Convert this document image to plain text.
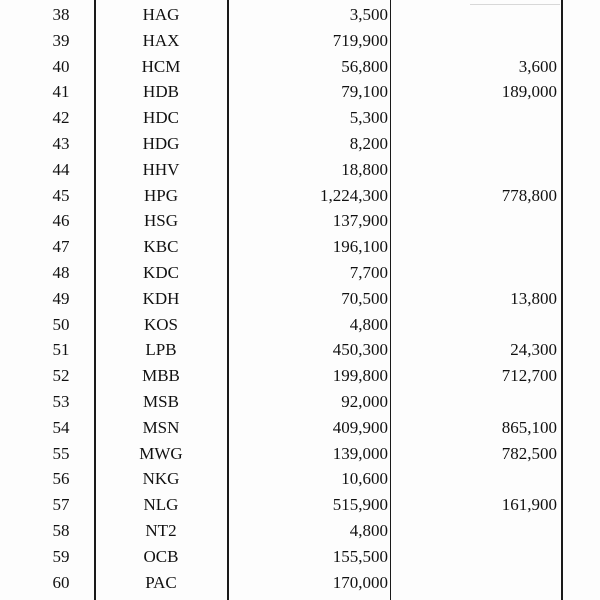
38	HAG	3,500
39	HAX	719,900
40	HCM	56,800	3,600
41	HDB	79,100	189,000
42	HDC	5,300
43	HDG	8,200
44	HHV	18,800
45	HPG	1,224,300	778,800
46	HSG	137,900
47	KBC	196,100
48	KDC	7,700
49	KDH	70,500	13,800
50	KOS	4,800
51	LPB	450,300	24,300
52	MBB	199,800	712,700
53	MSB	92,000
54	MSN	409,900	865,100
55	MWG	139,000	782,500
56	NKG	10,600
57	NLG	515,900	161,900
58	NT2	4,800
59	OCB	155,500
60	PAC	170,000
